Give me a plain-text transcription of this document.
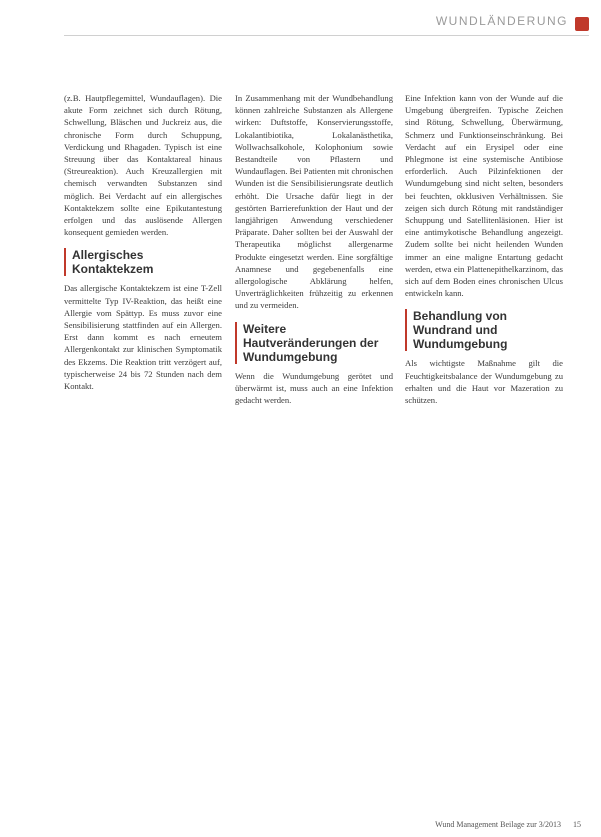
WUNDLÄNDERUNG

(z.B. Hautpflegemittel, Wundauflagen). Die akute Form zeichnet sich durch Rötung, Schwellung, Bläschen und Juckreiz aus, die chronische Form durch Schuppung, Verdickung und Rhagaden. Typisch ist eine Streuung über das Kontaktareal hinaus (Streureaktion). Auch Kreuzallergien mit chemisch verwandten Substanzen sind möglich. Bei Verdacht auf ein allergisches Kontaktekzem sollte eine Epikutantestung erfolgen und das auslösende Allergen konsequent gemieden werden.

Allergisches Kontaktekzem

Das allergische Kontaktekzem ist eine T-Zell vermittelte Typ IV-Reaktion, das heißt eine Allergie vom Spättyp. Es muss zuvor eine Sensibilisierung stattfinden auf ein Allergen. Erst dann kommt es nach erneutem Allergenkontakt zur klinischen Symptomatik des Ekzems. Die Reaktion tritt verzögert auf, typischerweise 24 bis 72 Stunden nach dem Kontakt.

In Zusammenhang mit der Wundbehandlung können zahlreiche Substanzen als Allergene wirken: Duftstoffe, Konservierungsstoffe, Lokalantibiotika, Lokalanästhetika, Wollwachsalkohole, Kolophonium sowie Bestandteile von Pflastern und Wundauflagen. Bei Patienten mit chronischen Wunden ist die Sensibilisierungsrate deutlich erhöht. Die Ursache dafür liegt in der gestörten Barrierefunktion der Haut und der langjährigen Anwendung verschiedener Präparate. Daher sollten bei der Auswahl der Therapeutika möglichst allergenarme Produkte eingesetzt werden. Eine sorgfältige Anamnese und gegebenenfalls eine allergologische Abklärung helfen, Unverträglichkeiten frühzeitig zu erkennen und zu vermeiden.

Weitere Hautveränderungen der Wundumgebung

Wenn die Wundumgebung gerötet und überwärmt ist, muss auch an eine Infektion gedacht werden.

Eine Infektion kann von der Wunde auf die Umgebung übergreifen. Typische Zeichen sind Rötung, Schwellung, Überwärmung, Schmerz und Funktionseinschränkung. Bei Verdacht auf ein Erysipel oder eine Phlegmone ist eine systemische Antibiose erforderlich. Auch Pilzinfektionen der Wundumgebung sind nicht selten, besonders bei feuchten, okklusiven Verhältnissen. Sie zeigen sich durch Rötung mit randständiger Schuppung und Satellitenläsionen. Hier ist eine antimykotische Behandlung angezeigt. Zudem sollte bei nicht heilenden Wunden immer an eine maligne Entartung gedacht werden, etwa ein Plattenepithelkarzinom, das sich auf dem Boden eines chronischen Ulcus entwickeln kann.

Behandlung von Wundrand und Wundumgebung

Als wichtigste Maßnahme gilt die Feuchtigkeitsbalance der Wundumgebung zu erhalten und die Haut vor Mazeration zu schützen.

Wund Management Beilage zur 3/2013 15
